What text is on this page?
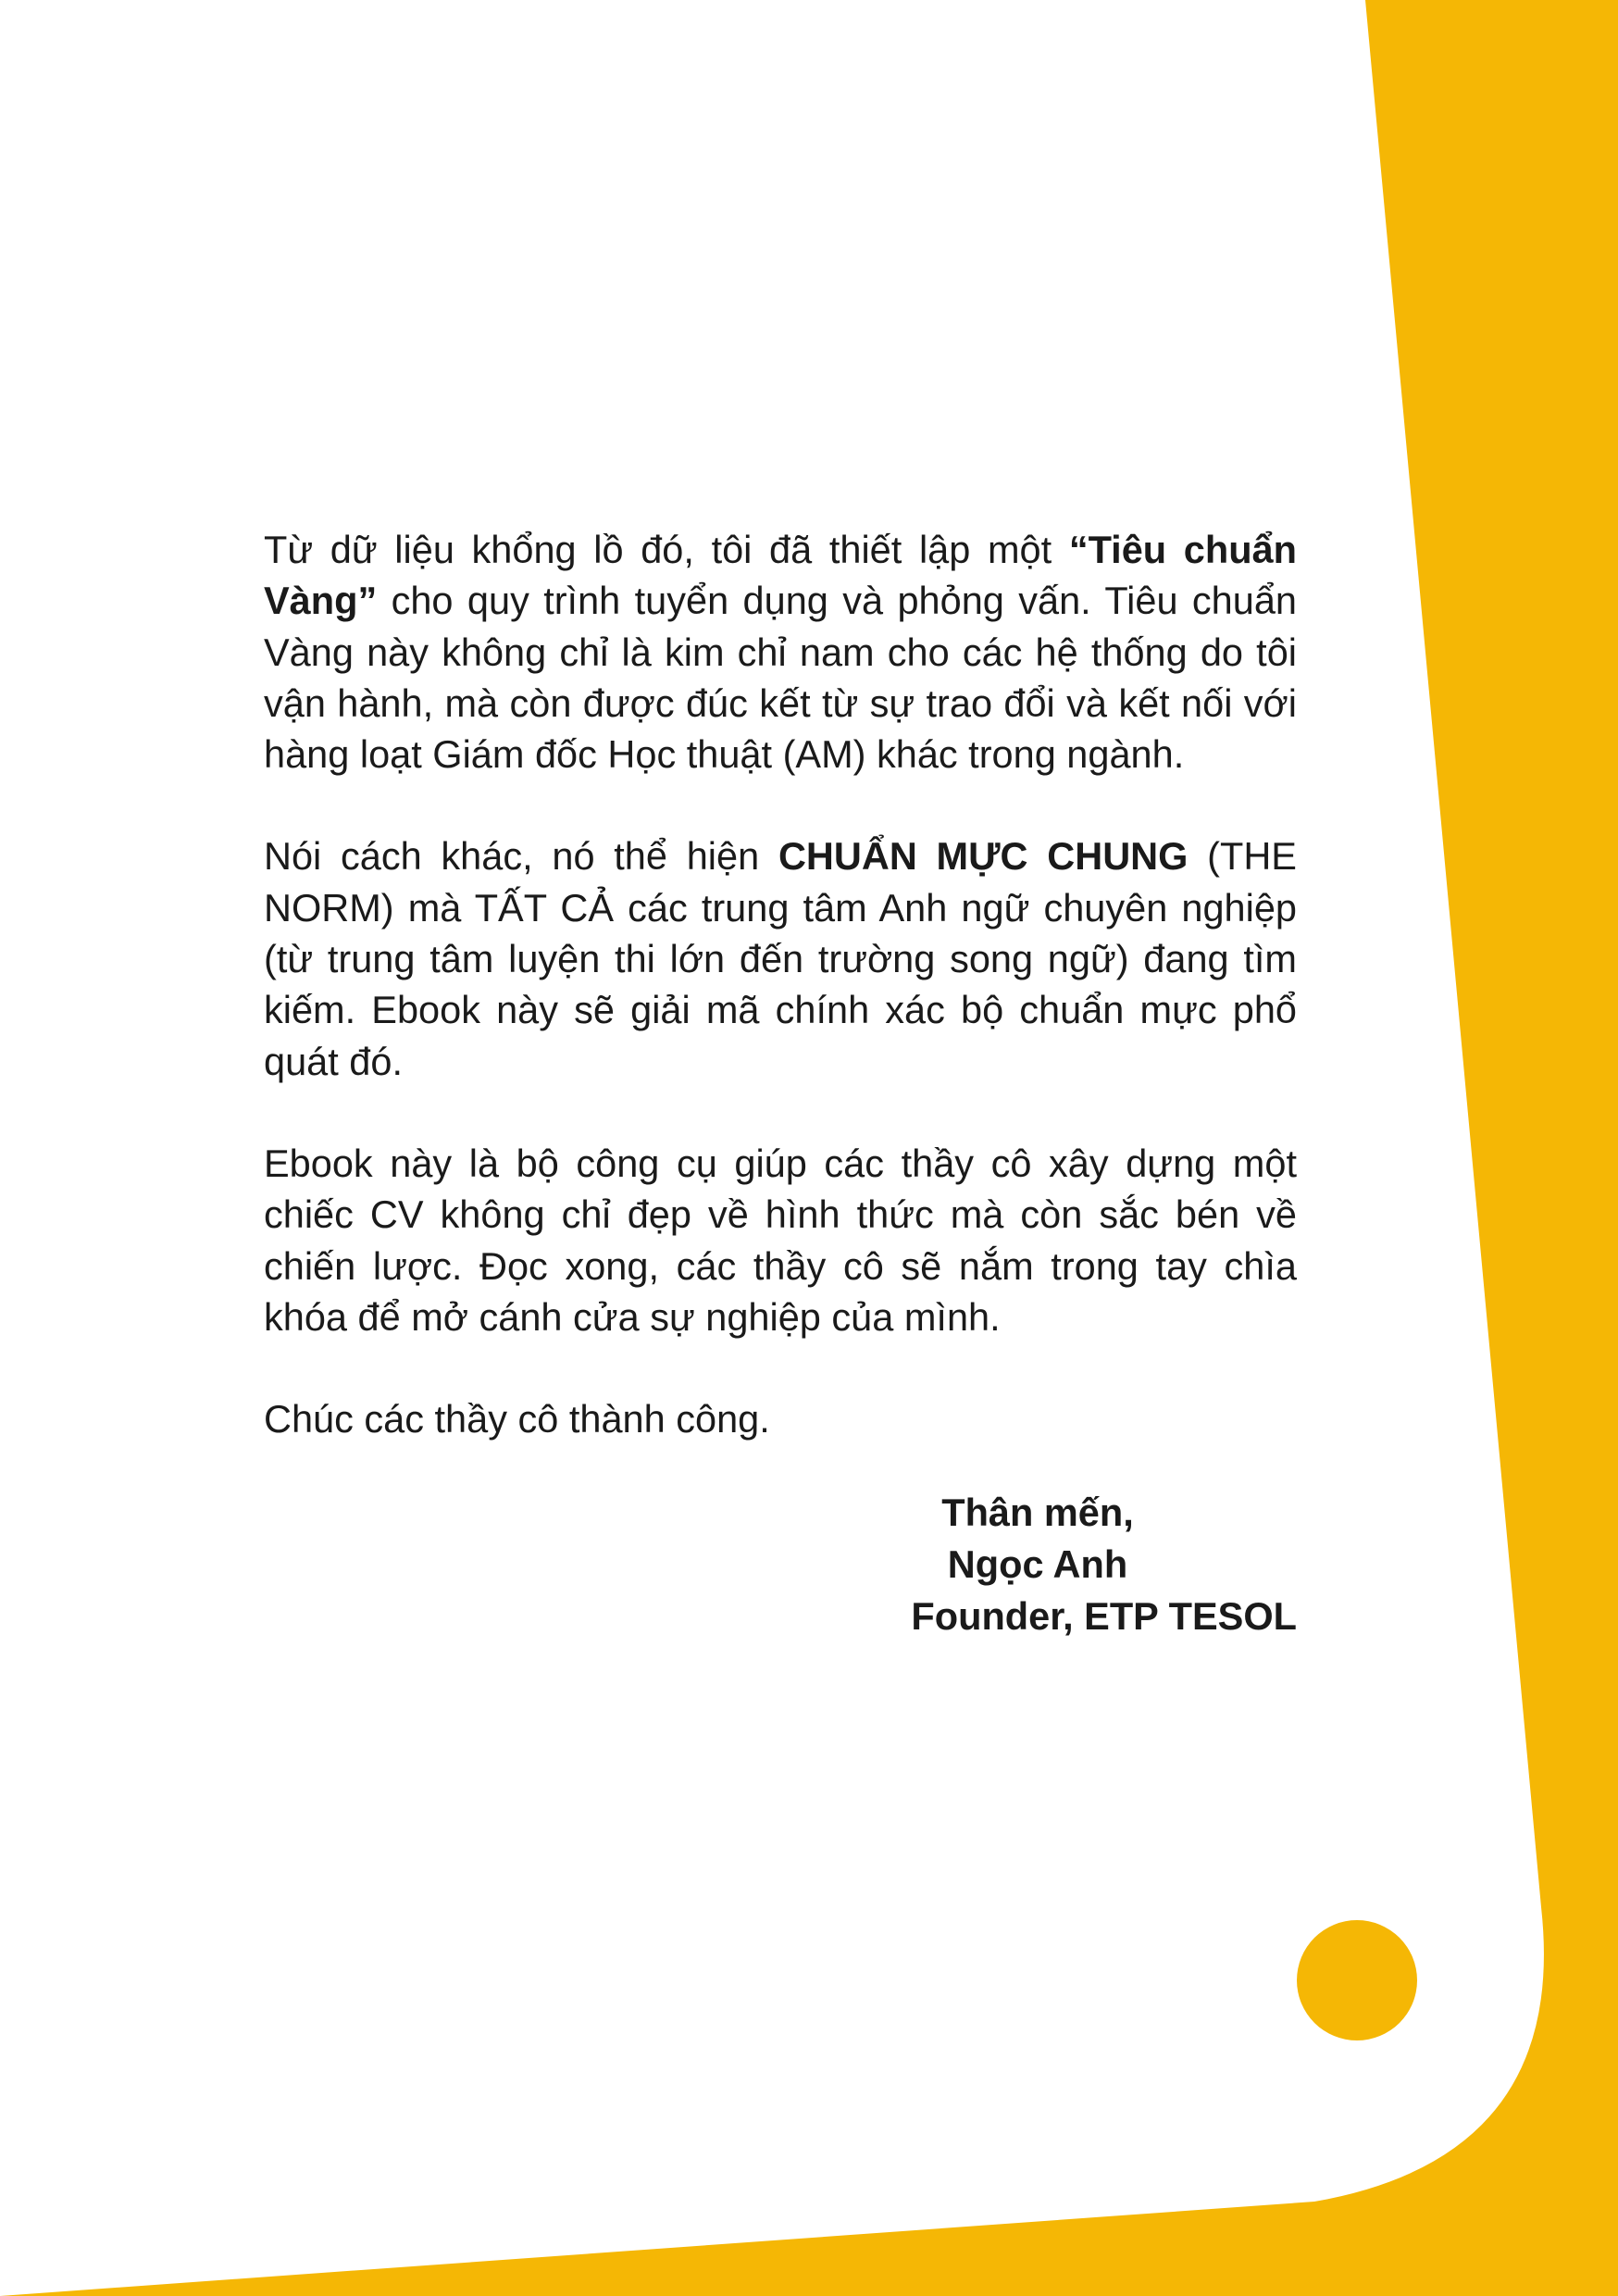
Từ dữ liệu khổng lồ đó, tôi đã thiết lập một “Tiêu chuẩn Vàng” cho quy trình tuyển dụng và phỏng vấn. Tiêu chuẩn Vàng này không chỉ là kim chỉ nam cho các hệ thống do tôi vận hành, mà còn được đúc kết từ sự trao đổi và kết nối với hàng loạt Giám đốc Học thuật (AM) khác trong ngành.

Nói cách khác, nó thể hiện CHUẨN MỰC CHUNG (THE NORM) mà TẤT CẢ các trung tâm Anh ngữ chuyên nghiệp (từ trung tâm luyện thi lớn đến trường song ngữ) đang tìm kiếm. Ebook này sẽ giải mã chính xác bộ chuẩn mực phổ quát đó.

Ebook này là bộ công cụ giúp các thầy cô xây dựng một chiếc CV không chỉ đẹp về hình thức mà còn sắc bén về chiến lược. Đọc xong, các thầy cô sẽ nắm trong tay chìa khóa để mở cánh cửa sự nghiệp của mình.

Chúc các thầy cô thành công.

Thân mến,
Ngọc Anh
Founder, ETP TESOL
